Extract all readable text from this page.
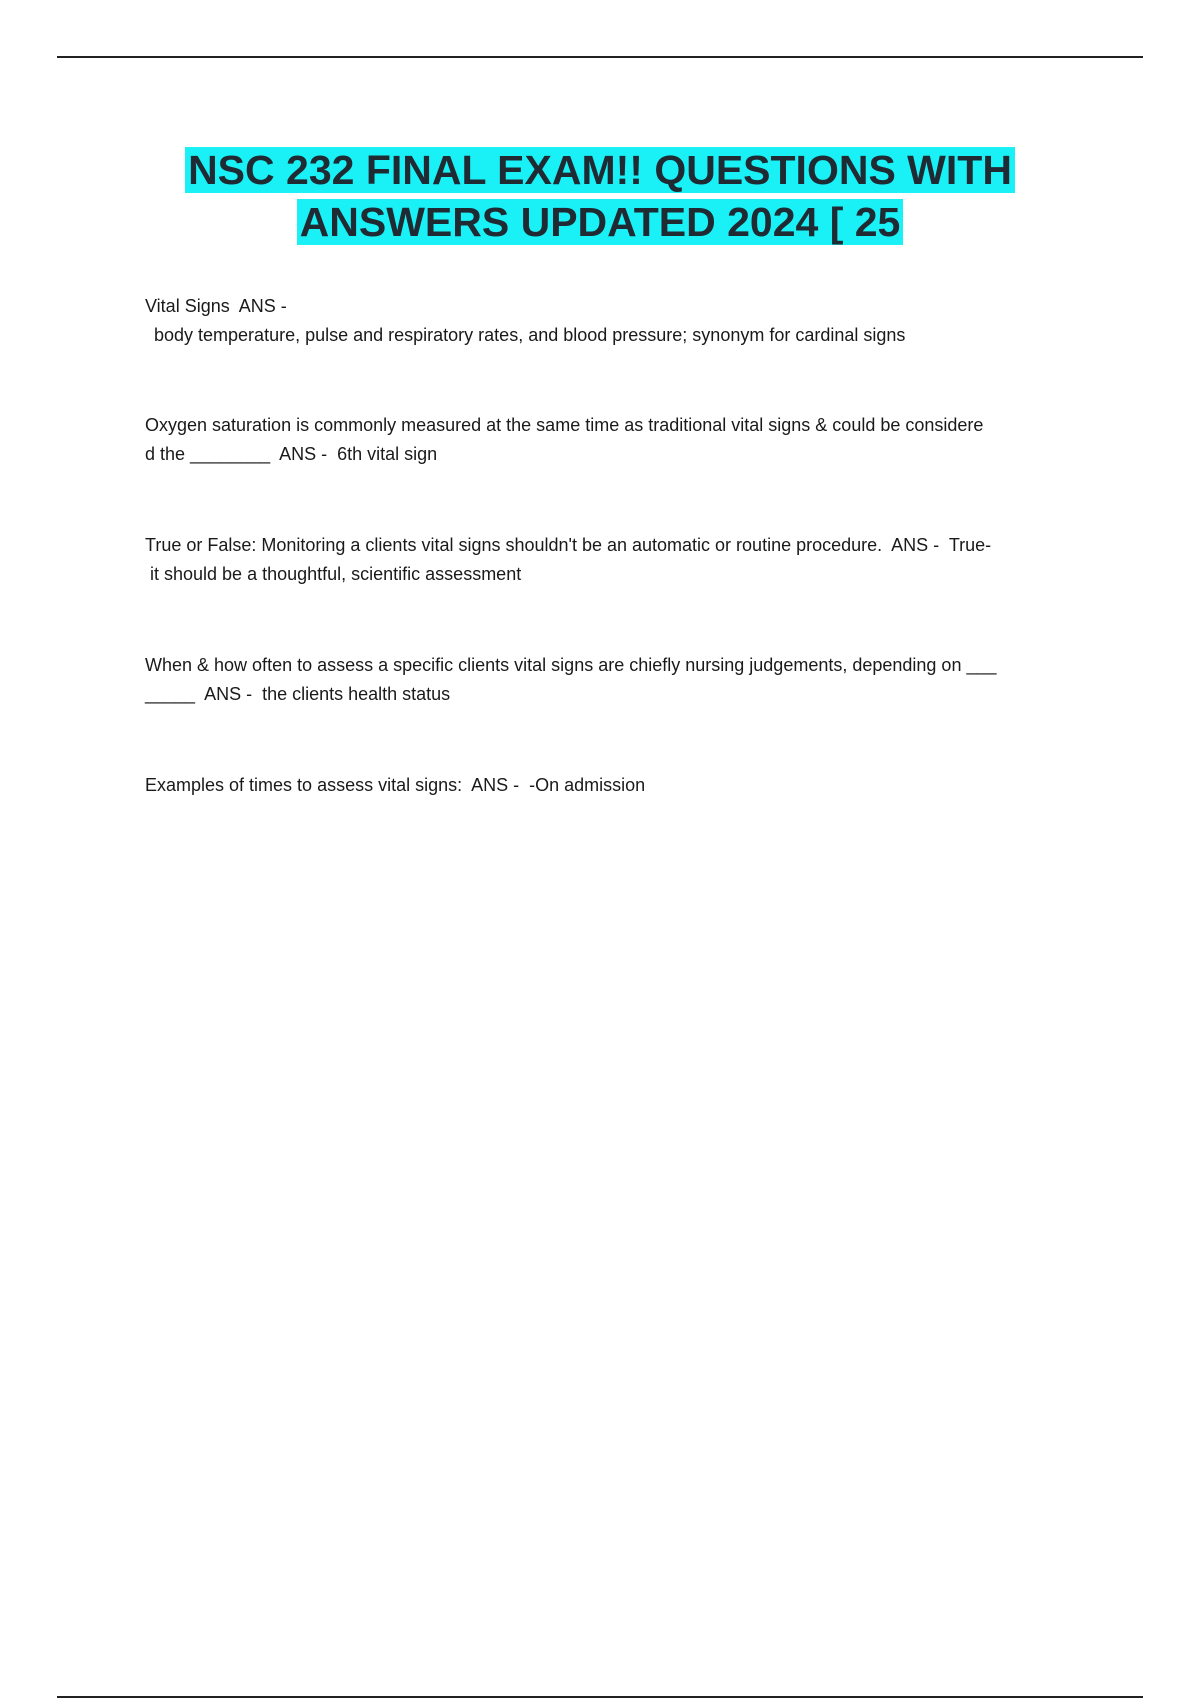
NSC 232 FINAL EXAM!! QUESTIONS WITH
ANSWERS UPDATED 2024 [ 25
Vital Signs  ANS -
body temperature, pulse and respiratory rates, and blood pressure; synonym for cardinal signs
Oxygen saturation is commonly measured at the same time as traditional vital signs & could be considere
d the ________  ANS -  6th vital sign
True or False: Monitoring a clients vital signs shouldn't be an automatic or routine procedure.  ANS -  True-
it should be a thoughtful, scientific assessment
When & how often to assess a specific clients vital signs are chiefly nursing judgements, depending on ___
_____  ANS -  the clients health status
Examples of times to assess vital signs:  ANS -  -On admission
